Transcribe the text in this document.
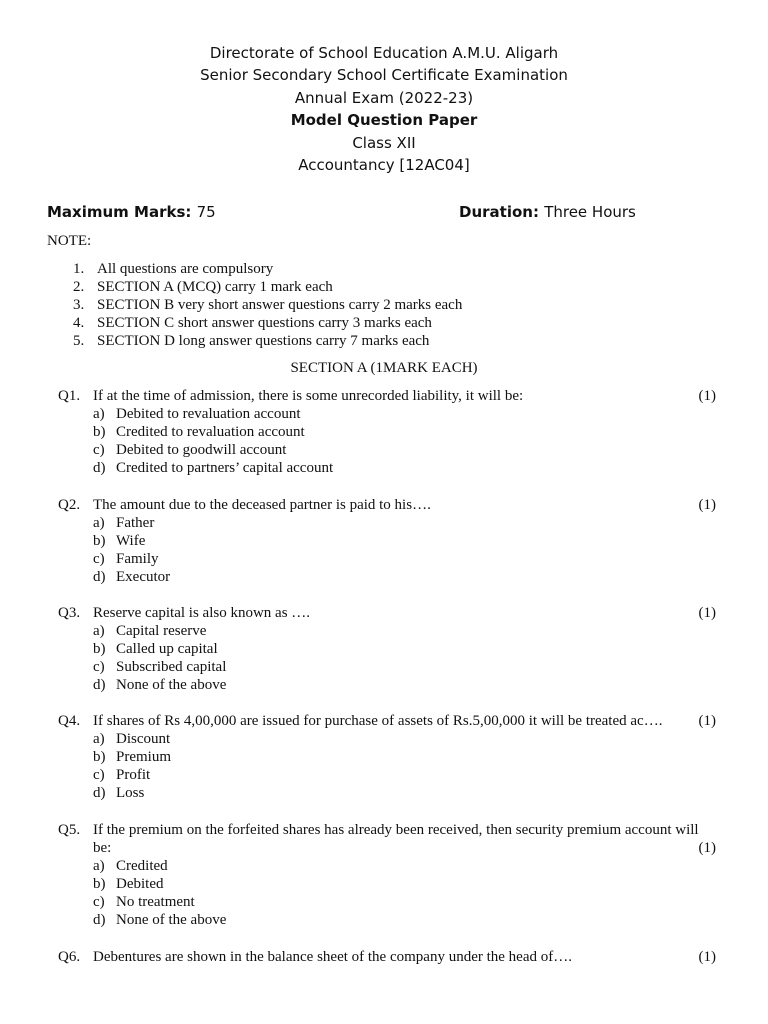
Directorate of School Education A.M.U. Aligarh
Senior Secondary School Certificate Examination
Annual Exam (2022-23)
Model Question Paper
Class XII
Accountancy [12AC04]
Maximum Marks: 75	Duration: Three Hours
NOTE:
1. All questions are compulsory
2. SECTION A (MCQ) carry 1 mark each
3. SECTION B very short answer questions carry 2 marks each
4. SECTION C short answer questions carry 3 marks each
5. SECTION D long answer questions carry 7 marks each
SECTION A (1MARK EACH)
Q1. If at the time of admission, there is some unrecorded liability, it will be:	(1)
a) Debited to revaluation account
b) Credited to revaluation account
c) Debited to goodwill account
d) Credited to partners’ capital account
Q2. The amount due to the deceased partner is paid to his….	(1)
a) Father
b) Wife
c) Family
d) Executor
Q3. Reserve capital is also known as ….	(1)
a) Capital reserve
b) Called up capital
c) Subscribed capital
d) None of the above
Q4. If shares of Rs 4,00,000 are issued for purchase of assets of Rs.5,00,000 it will be treated ac….	(1)
a) Discount
b) Premium
c) Profit
d) Loss
Q5. If the premium on the forfeited shares has already been received, then security premium account will
be:	(1)
a) Credited
b) Debited
c) No treatment
d) None of the above
Q6. Debentures are shown in the balance sheet of the company under the head of….	(1)
